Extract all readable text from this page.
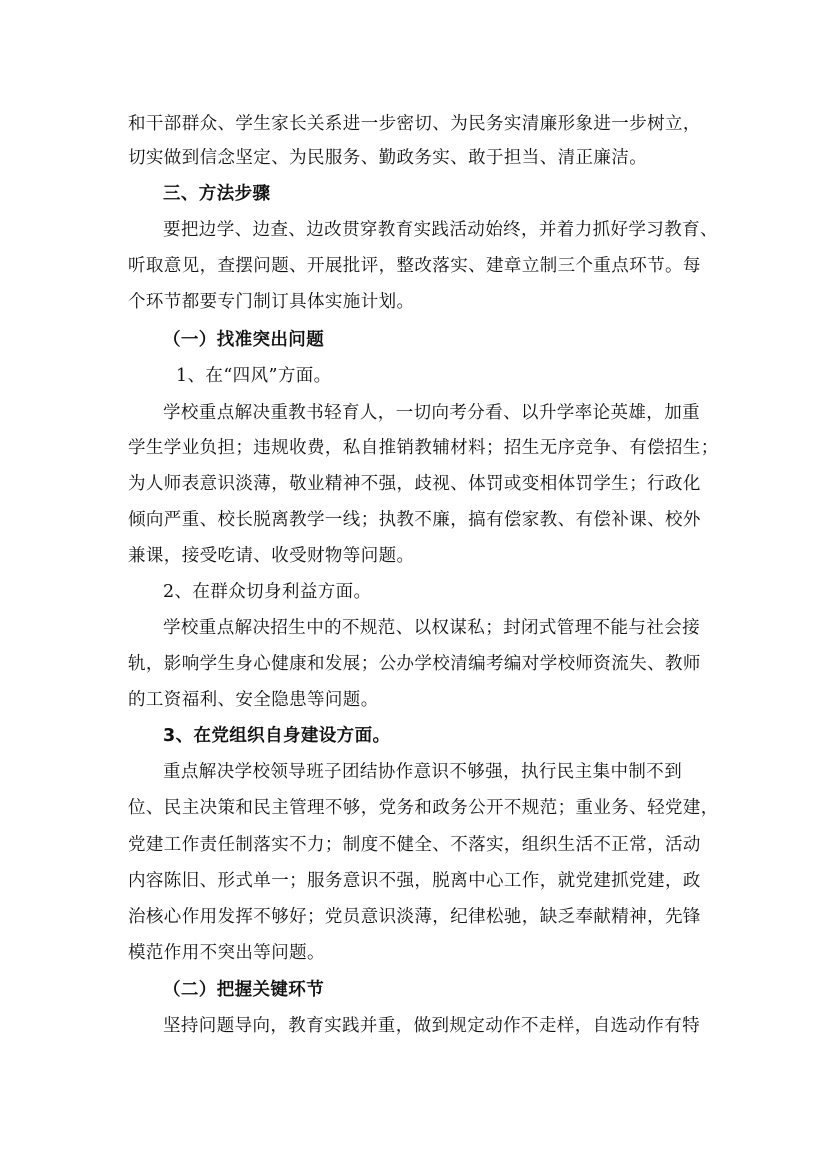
和干部群众、学生家长关系进一步密切、为民务实清廉形象进一步树立，
切实做到信念坚定、为民服务、勤政务实、敢于担当、清正廉洁。
三、方法步骤
要把边学、边查、边改贯穿教育实践活动始终，并着力抓好学习教育、
听取意见，查摆问题、开展批评，整改落实、建章立制三个重点环节。每
个环节都要专门制订具体实施计划。
（一）找准突出问题
1、在“四风”方面。
学校重点解决重教书轻育人，一切向考分看、以升学率论英雄，加重
学生学业负担；违规收费，私自推销教辅材料；招生无序竞争、有偿招生；
为人师表意识淡薄，敬业精神不强，歧视、体罚或变相体罚学生；行政化
倾向严重、校长脱离教学一线；执教不廉，搞有偿家教、有偿补课、校外
兼课，接受吃请、收受财物等问题。
2、在群众切身利益方面。
学校重点解决招生中的不规范、以权谋私；封闭式管理不能与社会接
轨，影响学生身心健康和发展；公办学校清编考编对学校师资流失、教师
的工资福利、安全隐患等问题。
3、在党组织自身建设方面。
重点解决学校领导班子团结协作意识不够强，执行民主集中制不到
位、民主决策和民主管理不够，党务和政务公开不规范；重业务、轻党建，
党建工作责任制落实不力；制度不健全、不落实，组织生活不正常，活动
内容陈旧、形式单一；服务意识不强，脱离中心工作，就党建抓党建，政
治核心作用发挥不够好；党员意识淡薄，纪律松驰，缺乏奉献精神，先锋
模范作用不突出等问题。
（二）把握关键环节
坚持问题导向，教育实践并重，做到规定动作不走样，自选动作有特
